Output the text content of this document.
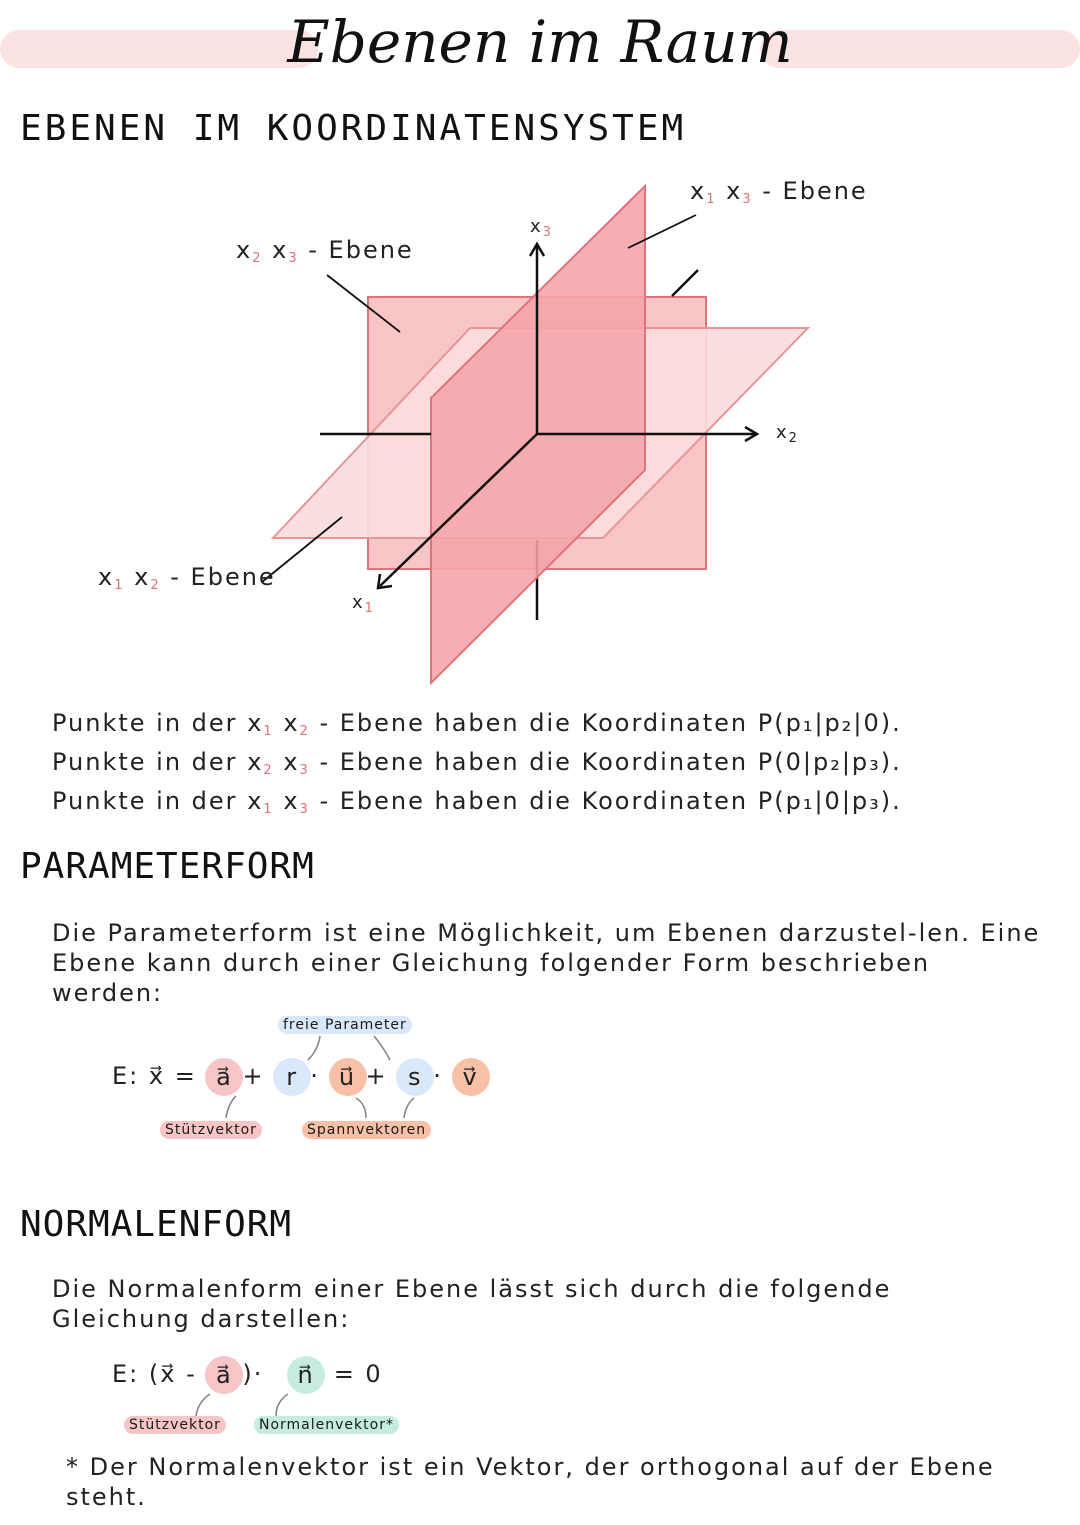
Ebenen im Raum
EBENEN IM KOORDINATENSYSTEM
$x_3$
$x_2$
$x_1$
$x_2$ $x_3$ - Ebene
$x_1$ $x_3$ - Ebene
$x_1$ $x_2$ - Ebene
Punkte in der $x_1$ $x_2$ - Ebene haben die Koordinaten P(p₁|p₂|0).
Punkte in der $x_2$ $x_3$ - Ebene haben die Koordinaten P(0|p₂|p₃).
Punkte in der $x_1$ $x_3$ - Ebene haben die Koordinaten P(p₁|0|p₃).
PARAMETERFORM
Die Parameterform ist eine Möglichkeit, um Ebenen darzustel-len. Eine Ebene kann durch einer Gleichung folgender Form beschrieben werden:
freie Parameter
E: x⃗ = a⃗ + r · u⃗ + s · v⃗
Stützvektor	Spannvektoren
NORMALENFORM
Die Normalenform einer Ebene lässt sich durch die folgende Gleichung darstellen:
E: (x⃗ - a⃗ )· n⃗ = 0
Stützvektor	Normalenvektor*
* Der Normalenvektor ist ein Vektor, der orthogonal auf der Ebene steht.
